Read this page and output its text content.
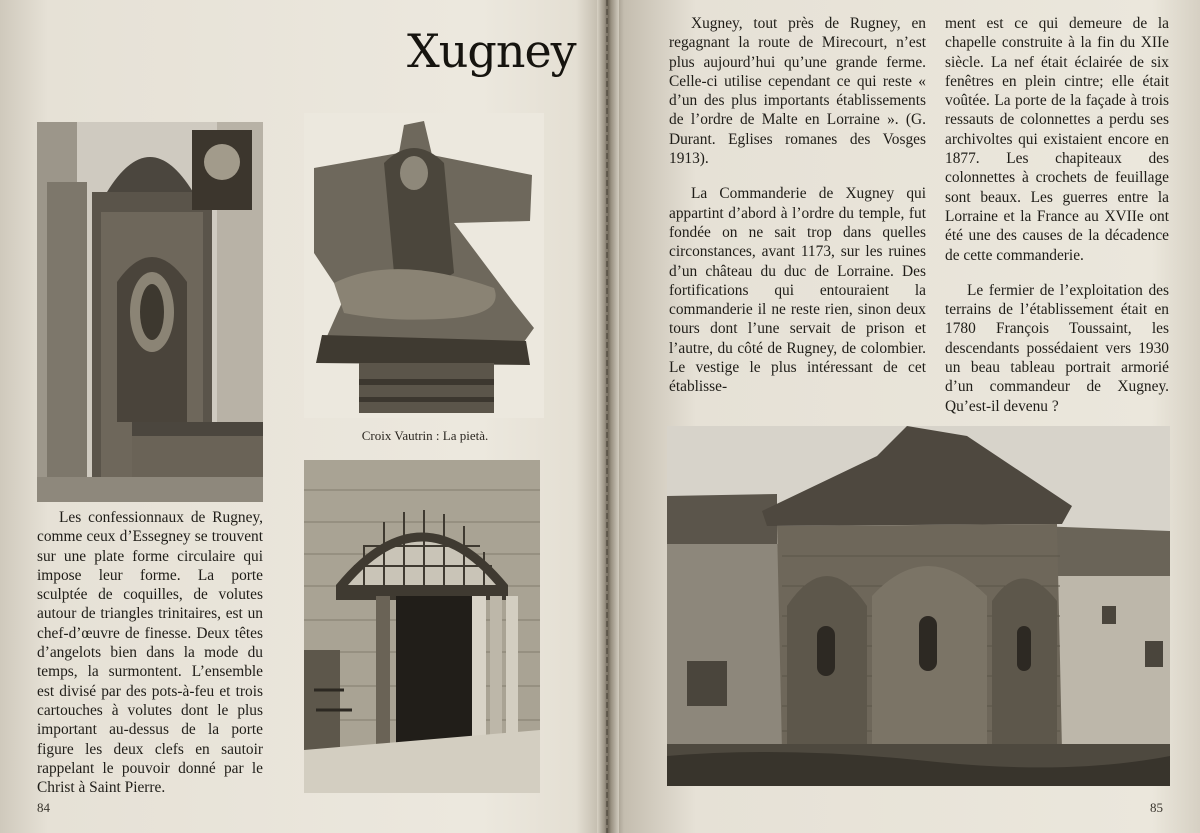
Xugney

Croix Vautrin : La pietà.

Les confessionnaux de Rugney, comme ceux d’Essegney se trouvent sur une plate forme circulaire qui impose leur forme. La porte sculptée de coquilles, de volutes autour de triangles trinitaires, est un chef-d’œuvre de finesse. Deux têtes d’angelots bien dans la mode du temps, la surmontent. L’ensemble est divisé par des pots-à-feu et trois cartouches à volutes dont le plus important au-dessus de la porte figure les deux clefs en sautoir rappelant le pouvoir donné par le Christ à Saint Pierre.

84

Xugney, tout près de Rugney, en regagnant la route de Mirecourt, n’est plus aujourd’hui qu’une grande ferme. Celle-ci utilise cependant ce qui reste « d’un des plus importants établissements de l’ordre de Malte en Lorraine ». (G. Durant. Eglises romanes des Vosges 1913).

La Commanderie de Xugney qui appartint d’abord à l’ordre du temple, fut fondée on ne sait trop dans quelles circonstances, avant 1173, sur les ruines d’un château du duc de Lorraine. Des fortifications qui entouraient la commanderie il ne reste rien, sinon deux tours dont l’une servait de prison et l’autre, du côté de Rugney, de colombier. Le vestige le plus intéressant de cet établisse-

ment est ce qui demeure de la chapelle construite à la fin du XIIe siècle. La nef était éclairée de six fenêtres en plein cintre; elle était voûtée. La porte de la façade à trois ressauts de colonnettes a perdu ses archivoltes qui existaient encore en 1877. Les chapiteaux des colonnettes à crochets de feuillage sont beaux. Les guerres entre la Lorraine et la France au XVIIe ont été une des causes de la décadence de cette commanderie.

Le fermier de l’exploitation des terrains de l’établissement était en 1780 François Toussaint, les descendants possédaient vers 1930 un beau tableau portrait armorié d’un commandeur de Xugney. Qu’est-il devenu ?

85
